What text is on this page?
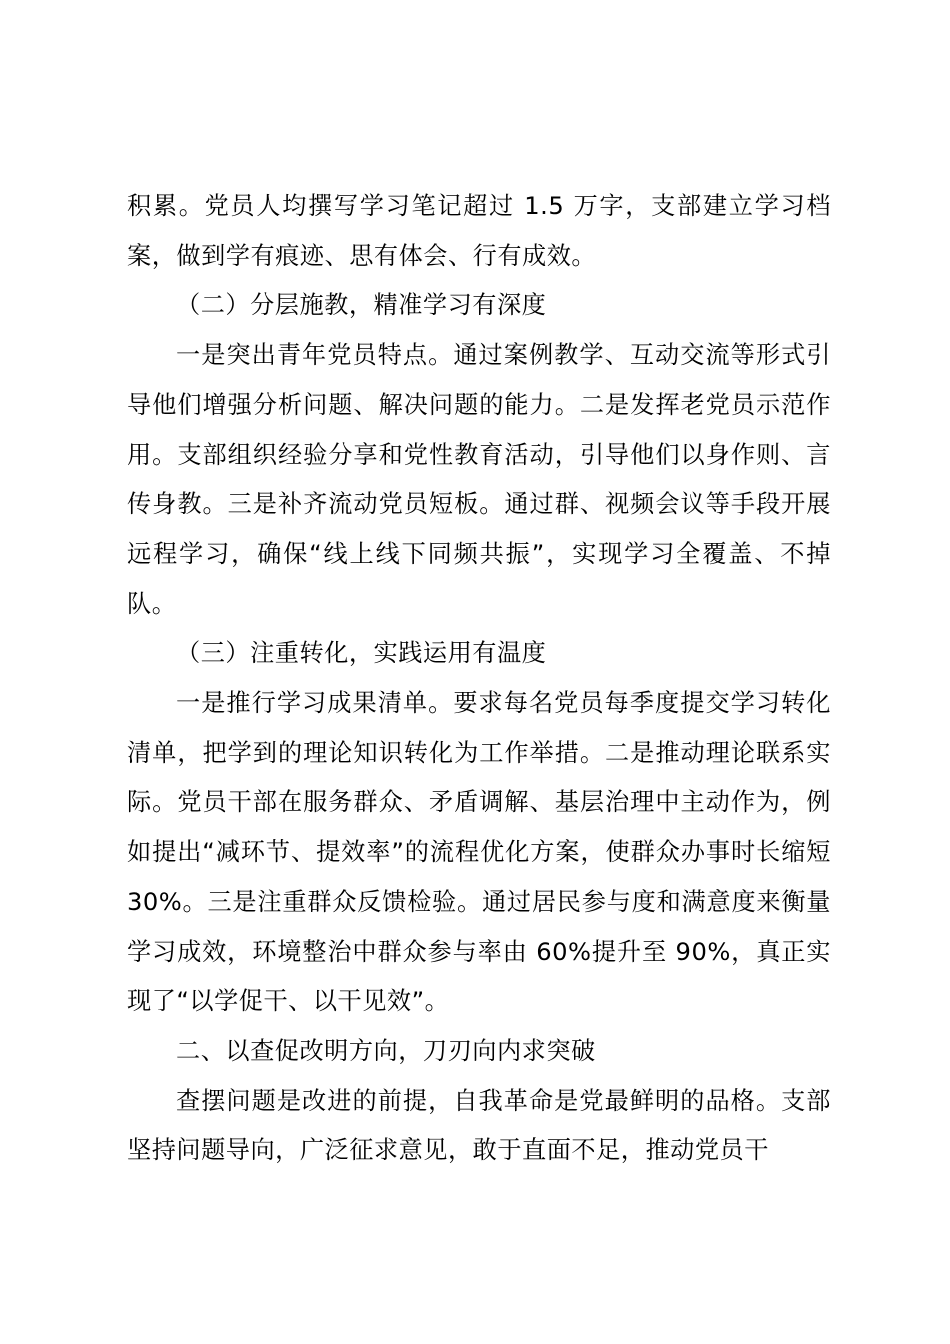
积累。党员人均撰写学习笔记超过 1.5 万字，支部建立学习档案，做到学有痕迹、思有体会、行有成效。

（二）分层施教，精准学习有深度

一是突出青年党员特点。通过案例教学、互动交流等形式引导他们增强分析问题、解决问题的能力。二是发挥老党员示范作用。支部组织经验分享和党性教育活动，引导他们以身作则、言传身教。三是补齐流动党员短板。通过群、视频会议等手段开展远程学习，确保“线上线下同频共振”，实现学习全覆盖、不掉队。

（三）注重转化，实践运用有温度

一是推行学习成果清单。要求每名党员每季度提交学习转化清单，把学到的理论知识转化为工作举措。二是推动理论联系实际。党员干部在服务群众、矛盾调解、基层治理中主动作为，例如提出“减环节、提效率”的流程优化方案，使群众办事时长缩短 30%。三是注重群众反馈检验。通过居民参与度和满意度来衡量学习成效，环境整治中群众参与率由 60%提升至 90%，真正实现了“以学促干、以干见效”。

二、以查促改明方向，刀刃向内求突破

查摆问题是改进的前提，自我革命是党最鲜明的品格。支部坚持问题导向，广泛征求意见，敢于直面不足，推动党员干
